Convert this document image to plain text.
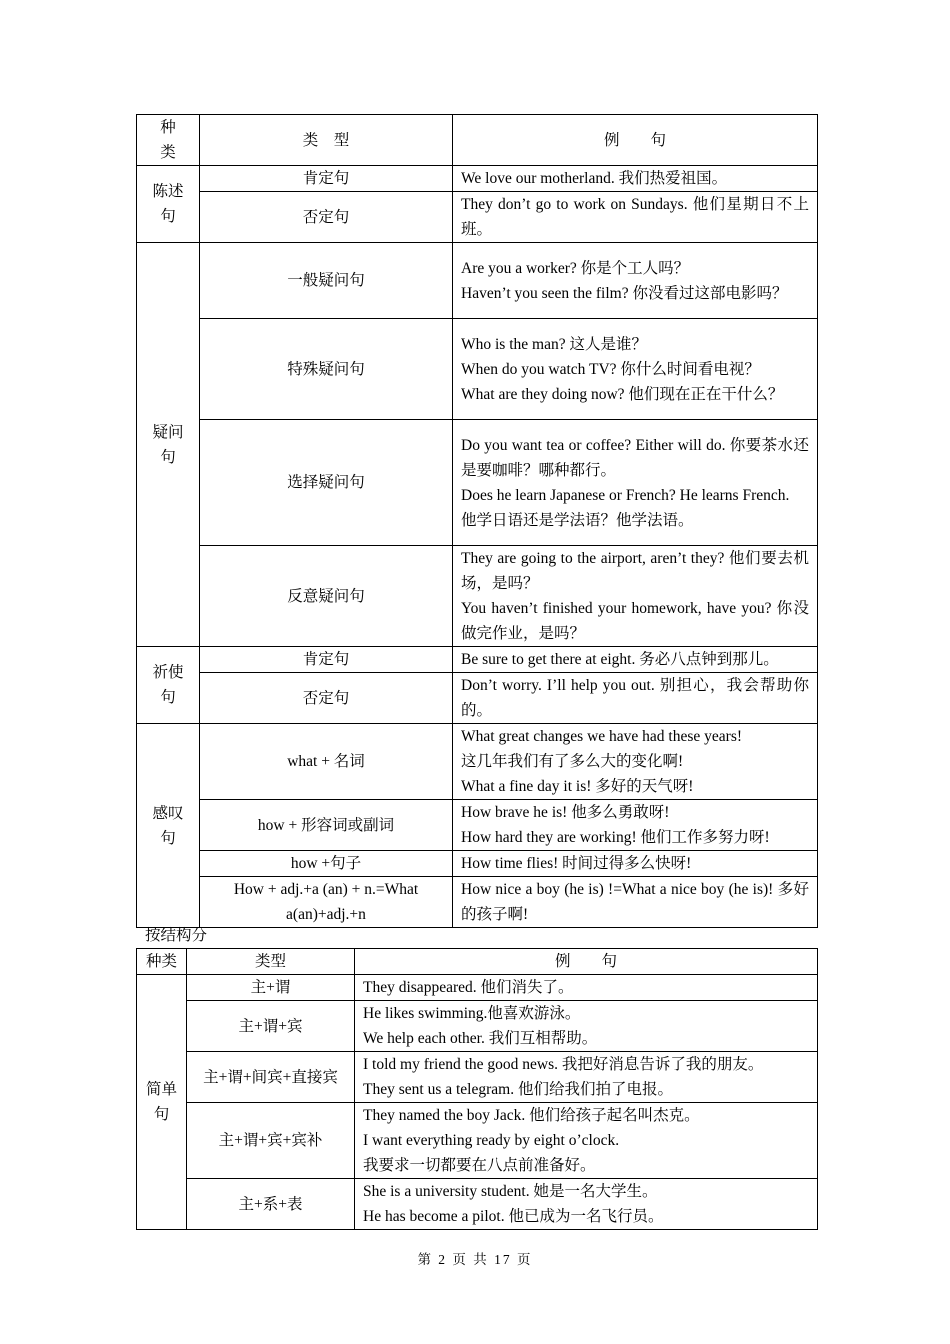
种类	类　型	例　　句
陈述句	肯定句	We love our motherland. 我们热爱祖国。

	否定句	They don’t go to work on Sundays. 他们星期日不上班。

疑问句	一般疑问句	Are you a worker? 你是个工人吗？
Haven’t you seen the film? 你没看过这部电影吗？

	特殊疑问句	Who is the man? 这人是谁？
When do you watch TV? 你什么时间看电视？
What are they doing now? 他们现在正在干什么？

	选择疑问句	Do you want tea or coffee? Either will do. 你要茶水还是要咖啡？哪种都行。
Does he learn Japanese or French? He learns French.
他学日语还是学法语？他学法语。

	反意疑问句	They are going to the airport, aren’t they? 他们要去机场，是吗？
You haven’t finished your homework, have you? 你没做完作业，是吗？

祈使句	肯定句	Be sure to get there at eight. 务必八点钟到那儿。

	否定句	Don’t worry. I’ll help you out. 别担心，我会帮助你的。

感叹句	what + 名词	What great changes we have had these years!
这几年我们有了多么大的变化啊!
What a fine day it is! 多好的天气呀!

	how + 形容词或副词	How brave he is! 他多么勇敢呀!
How hard they are working! 他们工作多努力呀!

	how +句子	How time flies! 时间过得多么快呀!

	How + adj.+a (an) + n.=What a(an)+adj.+n	How nice a boy (he is) !=What a nice boy (he is)! 多好的孩子啊!
按结构分
种类	类型	例　　句
简单句	主+谓	They disappeared. 他们消失了。

	主+谓+宾	He likes swimming.他喜欢游泳。
We help each other. 我们互相帮助。

	主+谓+间宾+直接宾	I told my friend the good news. 我把好消息告诉了我的朋友。
They sent us a telegram. 他们给我们拍了电报。

	主+谓+宾+宾补	They named the boy Jack. 他们给孩子起名叫杰克。
I want everything ready by eight o’clock.
我要求一切都要在八点前准备好。

	主+系+表	She is a university student. 她是一名大学生。
He has become a pilot. 他已成为一名飞行员。
第 2 页 共 17 页
